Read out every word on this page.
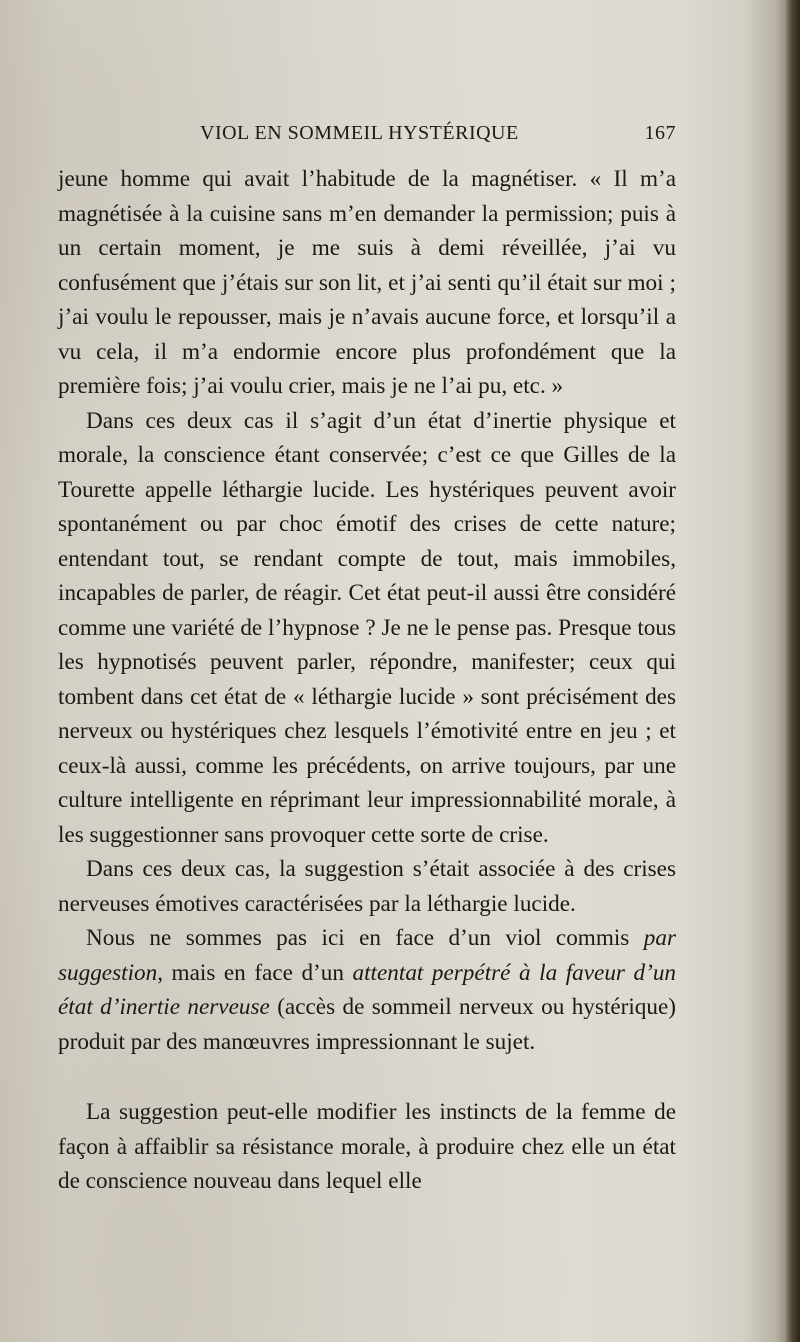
VIOL EN SOMMEIL HYSTÉRIQUE	167

jeune homme qui avait l’habitude de la magnétiser. « Il m’a magnétisée à la cuisine sans m’en demander la permission; puis à un certain moment, je me suis à demi réveillée, j’ai vu confusément que j’étais sur son lit, et j’ai senti qu’il était sur moi ; j’ai voulu le repousser, mais je n’avais aucune force, et lorsqu’il a vu cela, il m’a endormie encore plus profondément que la première fois; j’ai voulu crier, mais je ne l’ai pu, etc. »

Dans ces deux cas il s’agit d’un état d’inertie physique et morale, la conscience étant conservée; c’est ce que Gilles de la Tourette appelle léthargie lucide. Les hystériques peuvent avoir spontanément ou par choc émotif des crises de cette nature; entendant tout, se rendant compte de tout, mais immobiles, incapables de parler, de réagir. Cet état peut-il aussi être considéré comme une variété de l’hypnose ? Je ne le pense pas. Presque tous les hypnotisés peuvent parler, répondre, manifester; ceux qui tombent dans cet état de « léthargie lucide » sont précisément des nerveux ou hystériques chez lesquels l’émotivité entre en jeu ; et ceux-là aussi, comme les précédents, on arrive toujours, par une culture intelligente en réprimant leur impressionnabilité morale, à les suggestionner sans provoquer cette sorte de crise.

Dans ces deux cas, la suggestion s’était associée à des crises nerveuses émotives caractérisées par la léthargie lucide.

Nous ne sommes pas ici en face d’un viol commis par suggestion, mais en face d’un attentat perpétré à la faveur d’un état d’inertie nerveuse (accès de sommeil nerveux ou hystérique) produit par des manœuvres impressionnant le sujet.

La suggestion peut-elle modifier les instincts de la femme de façon à affaiblir sa résistance morale, à produire chez elle un état de conscience nouveau dans lequel elle
